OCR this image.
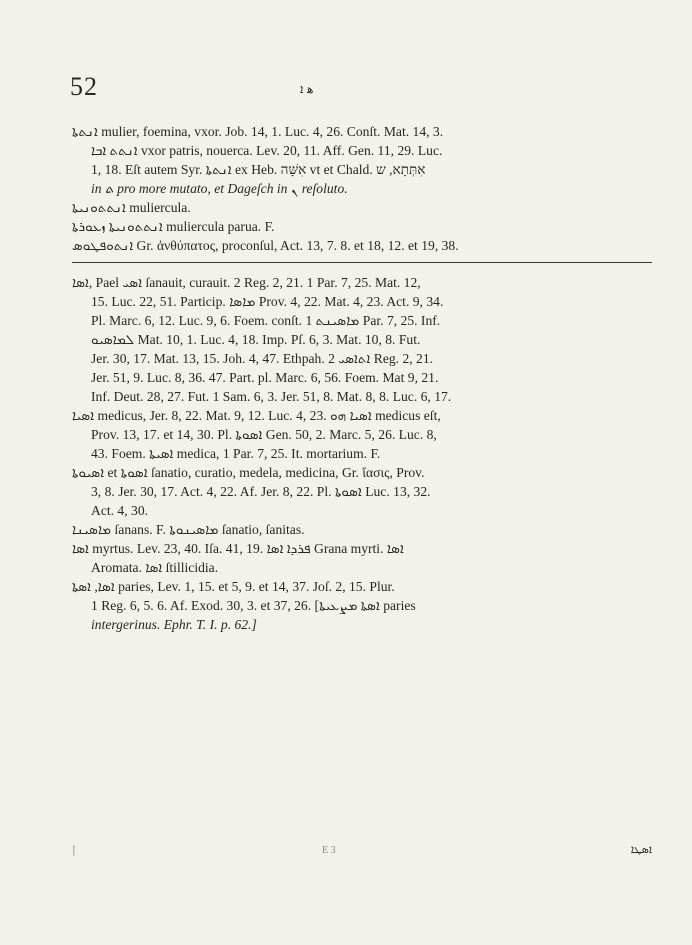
52	ﻫ ܐ
ܐܢܬܬܐ mulier, foemina, vxor. Job. 14, 1. Luc. 4, 26. Conſt. Mat. 14, 3.
ܐܢܬܬ ܐܒܐ vxor patris, nouerca. Lev. 20, 11. Aff. Gen. 11, 29. Luc.
1, 18. Eſt autem Syr. ܐܢܬܬܐ ex Heb. אִשָּׁה vt et Chald. אִתְּתָא, ש
in ܬ pro more mutato, et Dageſch in ܢ reſoluto.
ܐܢܬܬܘܢܝܬܐ muliercula.
ܐܢܬܬܘܢܝܬܐ ܙܥܘܪܬܐ muliercula parua. F.
ܐܢܬܘܦܛܘܣ Gr. ἀνθύπατος, proconſul, Act. 13, 7. 8. et 18, 12. et 19, 38.
ܐܣܐ, Pael ܐܣܝ ſanauit, curauit. 2 Reg. 2, 21. 1 Par. 7, 25. Mat. 12,
15. Luc. 22, 51. Particip. ܡܐܣܐ Prov. 4, 22. Mat. 4, 23. Act. 9, 34.
Pl. Marc. 6, 12. Luc. 9, 6. Foem. conſt. ܡܐܣܝܢܬ 1 Par. 7, 25. Inf.
ܠܡܐܣܝܘ Mat. 10, 1. Luc. 4, 18. Imp. Pſ. 6, 3. Mat. 10, 8. Fut.
Jer. 30, 17. Mat. 13, 15. Joh. 4, 47. Ethpah. ܐܬܐܣܝ 2 Reg. 2, 21.
Jer. 51, 9. Luc. 8, 36. 47. Part. pl. Marc. 6, 56. Foem. Mat 9, 21.
Inf. Deut. 28, 27. Fut. 1 Sam. 6, 3. Jer. 51, 8. Mat. 8, 8. Luc. 6, 17.
ܐܣܝܐ medicus, Jer. 8, 22. Mat. 9, 12. Luc. 4, 23. ܐܣܝܐ ܗܘ medicus eſt,
Prov. 13, 17. et 14, 30. Pl. ܐܣܘܬܐ Gen. 50, 2. Marc. 5, 26. Luc. 8,
43. Foem. ܐܣܝܬܐ medica, 1 Par. 7, 25. It. mortarium. F.
ܐܣܝܘܬܐ et ܐܣܘܬܐ ſanatio, curatio, medela, medicina, Gr. ἴασις, Prov.
3, 8. Jer. 30, 17. Act. 4, 22. Af. Jer. 8, 22. Pl. ܐܣܘܬܐ Luc. 13, 32.
Act. 4, 30.
ܡܐܣܝܢܐ ſanans. F. ܡܐܣܝܢܘܬܐ ſanatio, ſanitas.
ܐܣܐ myrtus. Lev. 23, 40. Iſa. 41, 19. ܦܪܕܐ ܐܣܐ Grana myrti. ܐܣܐ
Aromata. ܐܣܐ ſtillicidia.
ܐܣܐ, ܐܣܬܐ paries, Lev. 1, 15. et 5, 9. et 14, 37. Joſ. 2, 15. Plur.
1 Reg. 6, 5. 6. Af. Exod. 30, 3. et 37, 26. [ܐܣܬܐ ܡܨܥܝܬܐ paries
intergerinus. Ephr. T. I. p. 62.]
|	E 3	ܐܣܛܐ
